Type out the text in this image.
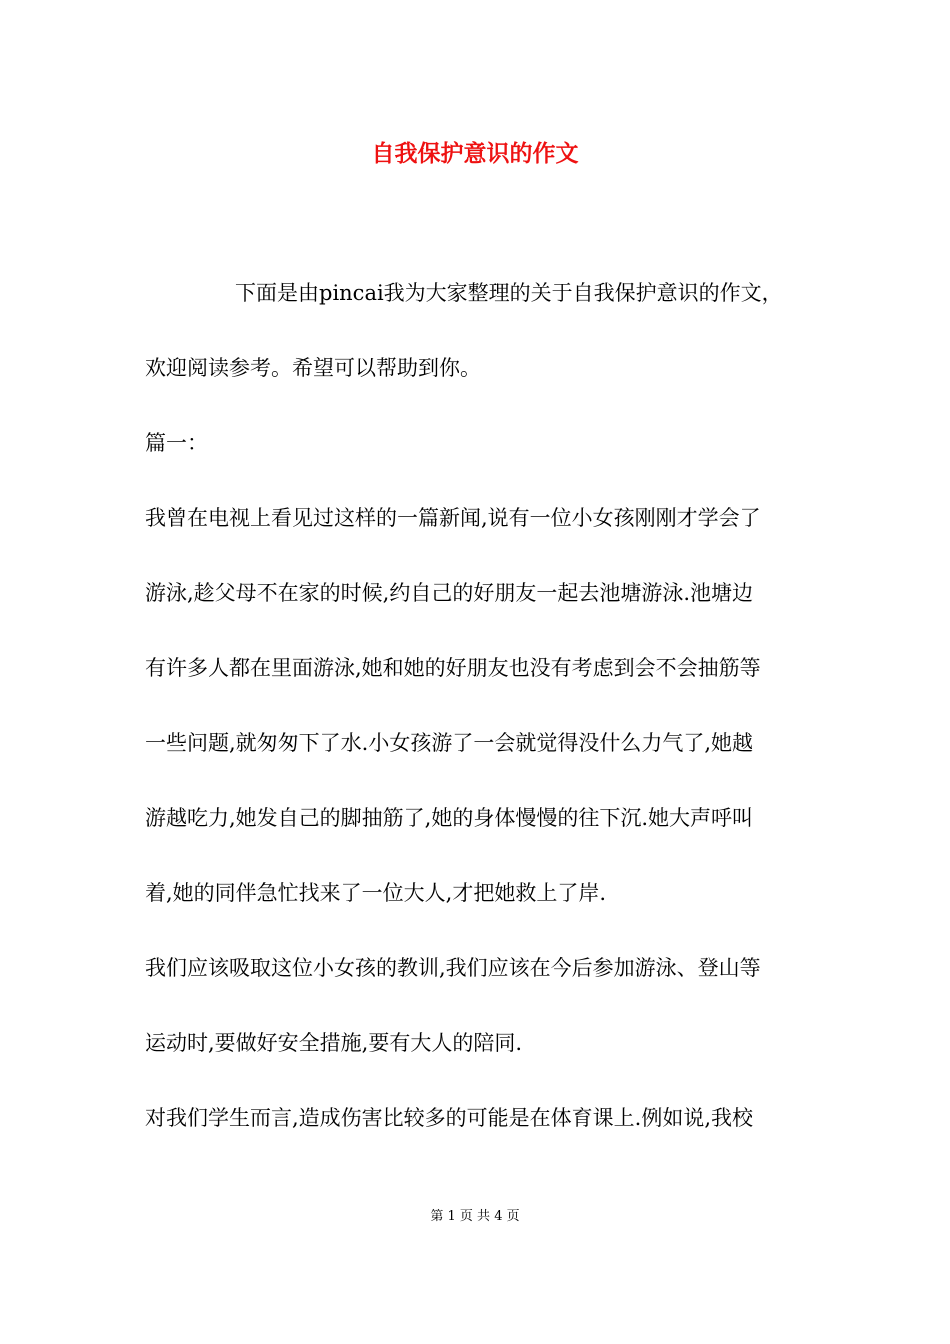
自我保护意识的作文
下面是由pincai我为大家整理的关于自我保护意识的作文，
欢迎阅读参考。希望可以帮助到你。
篇一：
我曾在电视上看见过这样的一篇新闻,说有一位小女孩刚刚才学会了
游泳,趁父母不在家的时候,约自己的好朋友一起去池塘游泳.池塘边
有许多人都在里面游泳,她和她的好朋友也没有考虑到会不会抽筋等
一些问题,就匆匆下了水.小女孩游了一会就觉得没什么力气了,她越
游越吃力,她发自己的脚抽筋了,她的身体慢慢的往下沉.她大声呼叫
着,她的同伴急忙找来了一位大人,才把她救上了岸.
我们应该吸取这位小女孩的教训,我们应该在今后参加游泳、登山等
运动时,要做好安全措施,要有大人的陪同.
对我们学生而言,造成伤害比较多的可能是在体育课上.例如说,我校
第 1 页 共 4 页
